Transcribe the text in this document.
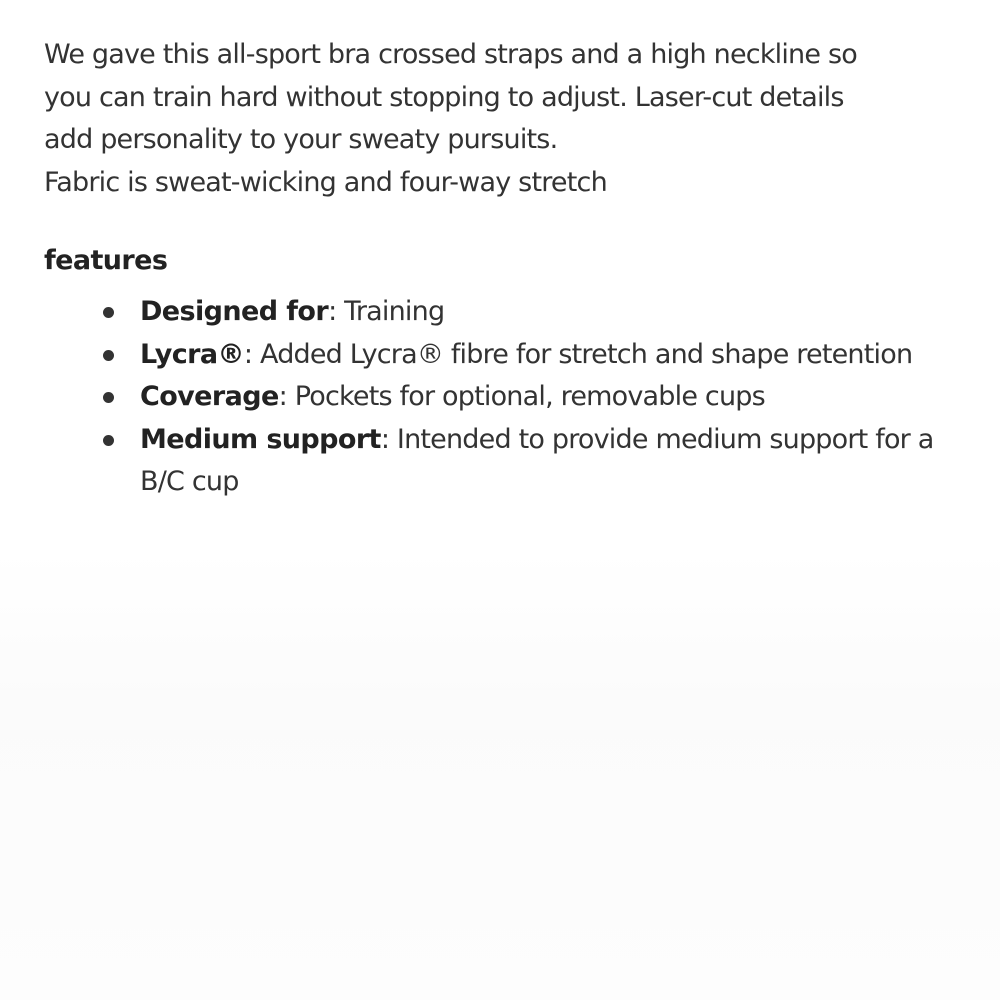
We gave this all-sport bra crossed straps and a high neckline so
you can train hard without stopping to adjust. Laser-cut details
add personality to your sweaty pursuits.
Fabric is sweat-wicking and four-way stretch
features
Designed for: Training
Lycra®: Added Lycra® fibre for stretch and shape retention
Coverage: Pockets for optional, removable cups
Medium support: Intended to provide medium support for a B/C cup
